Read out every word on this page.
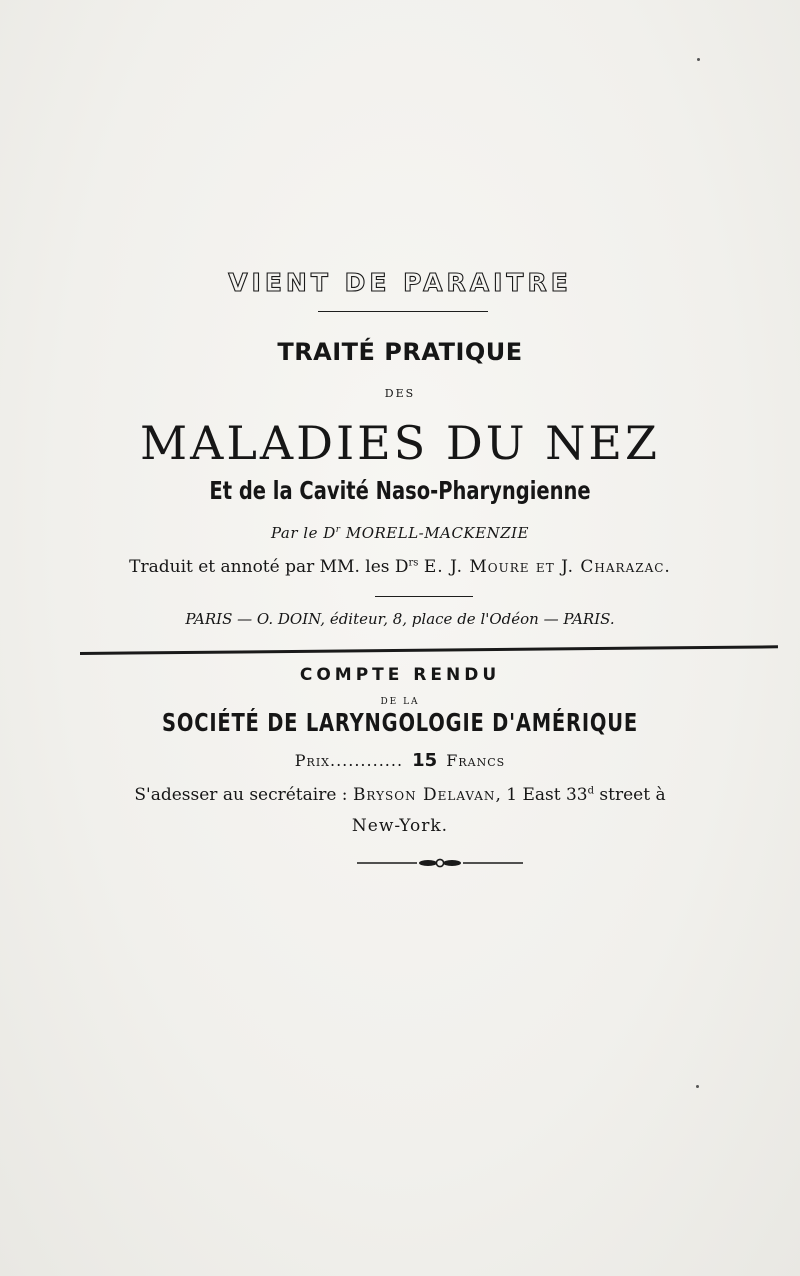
VIENT DE PARAITRE
TRAITÉ PRATIQUE
DES
MALADIES DU NEZ
Et de la Cavité Naso-Pharyngienne
Par le $D^r$ MORELL-MACKENZIE
Traduit et annoté par MM. les $D^{rs}$ E. J. Moure et J. Charazac.
PARIS — O. DOIN, éditeur, 8, place de l'Odéon — PARIS.
COMPTE RENDU
DE LA
SOCIÉTÉ DE LARYNGOLOGIE D'AMÉRIQUE
Prix............ 15 Francs
S'adesser au secrétaire : Bryson Delavan, 1 East 33$^d$ street à
New-York.
